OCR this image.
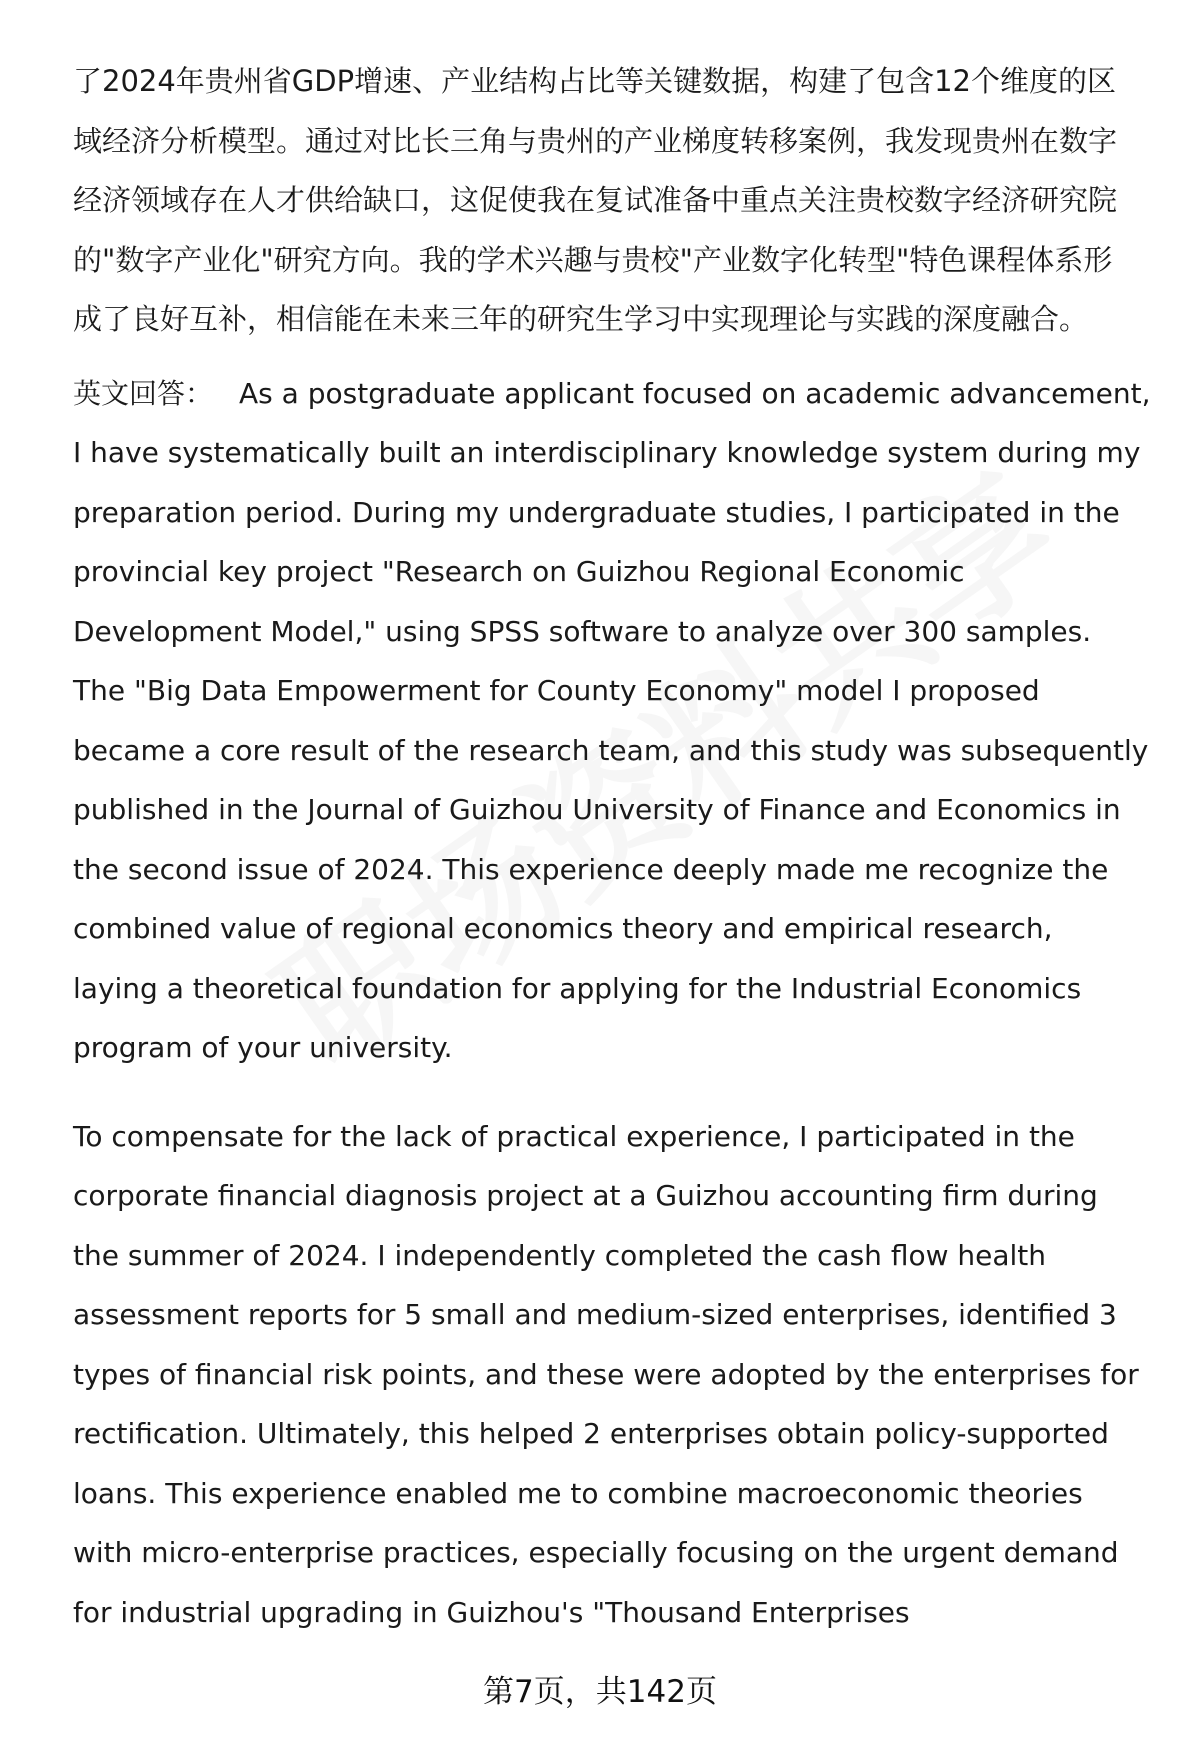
了2024年贵州省GDP增速、产业结构占比等关键数据，构建了包含12个维度的区
域经济分析模型。通过对比长三角与贵州的产业梯度转移案例，我发现贵州在数字
经济领域存在人才供给缺口，这促使我在复试准备中重点关注贵校数字经济研究院
的"数字产业化"研究方向。我的学术兴趣与贵校"产业数字化转型"特色课程体系形
成了良好互补，相信能在未来三年的研究生学习中实现理论与实践的深度融合。
英文回答： As a postgraduate applicant focused on academic advancement,
I have systematically built an interdisciplinary knowledge system during my
preparation period. During my undergraduate studies, I participated in the
provincial key project "Research on Guizhou Regional Economic
Development Model," using SPSS software to analyze over 300 samples.
The "Big Data Empowerment for County Economy" model I proposed
became a core result of the research team, and this study was subsequently
published in the Journal of Guizhou University of Finance and Economics in
the second issue of 2024. This experience deeply made me recognize the
combined value of regional economics theory and empirical research,
laying a theoretical foundation for applying for the Industrial Economics
program of your university.
To compensate for the lack of practical experience, I participated in the
corporate financial diagnosis project at a Guizhou accounting firm during
the summer of 2024. I independently completed the cash flow health
assessment reports for 5 small and medium-sized enterprises, identified 3
types of financial risk points, and these were adopted by the enterprises for
rectification. Ultimately, this helped 2 enterprises obtain policy-supported
loans. This experience enabled me to combine macroeconomic theories
with micro-enterprise practices, especially focusing on the urgent demand
for industrial upgrading in Guizhou's "Thousand Enterprises
第7页，共142页
